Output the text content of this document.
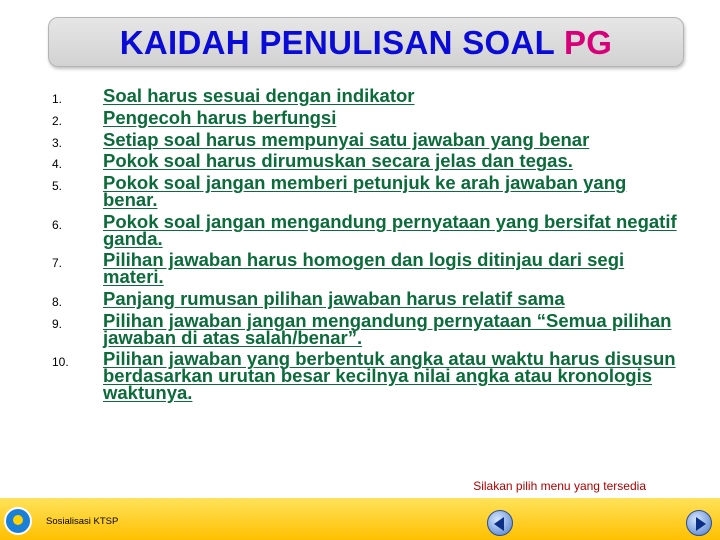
KAIDAH PENULISAN SOAL PG
1.	Soal harus sesuai dengan indikator
2.	Pengecoh harus berfungsi
3.	Setiap soal harus mempunyai satu jawaban yang benar
4.	Pokok soal harus dirumuskan secara jelas dan tegas.
5.	Pokok soal jangan memberi petunjuk ke arah jawaban yang benar.
6.	Pokok soal jangan mengandung pernyataan yang bersifat negatif ganda.
7.	Pilihan jawaban harus homogen dan logis ditinjau dari segi materi.
8.	Panjang rumusan pilihan jawaban harus relatif sama
9.	Pilihan jawaban jangan mengandung pernyataan “Semua pilihan jawaban di atas salah/benar”.
10.	Pilihan jawaban yang berbentuk angka atau waktu harus disusun berdasarkan urutan besar kecilnya nilai angka atau kronologis waktunya.
Silakan pilih menu yang tersedia
Sosialisasi KTSP
